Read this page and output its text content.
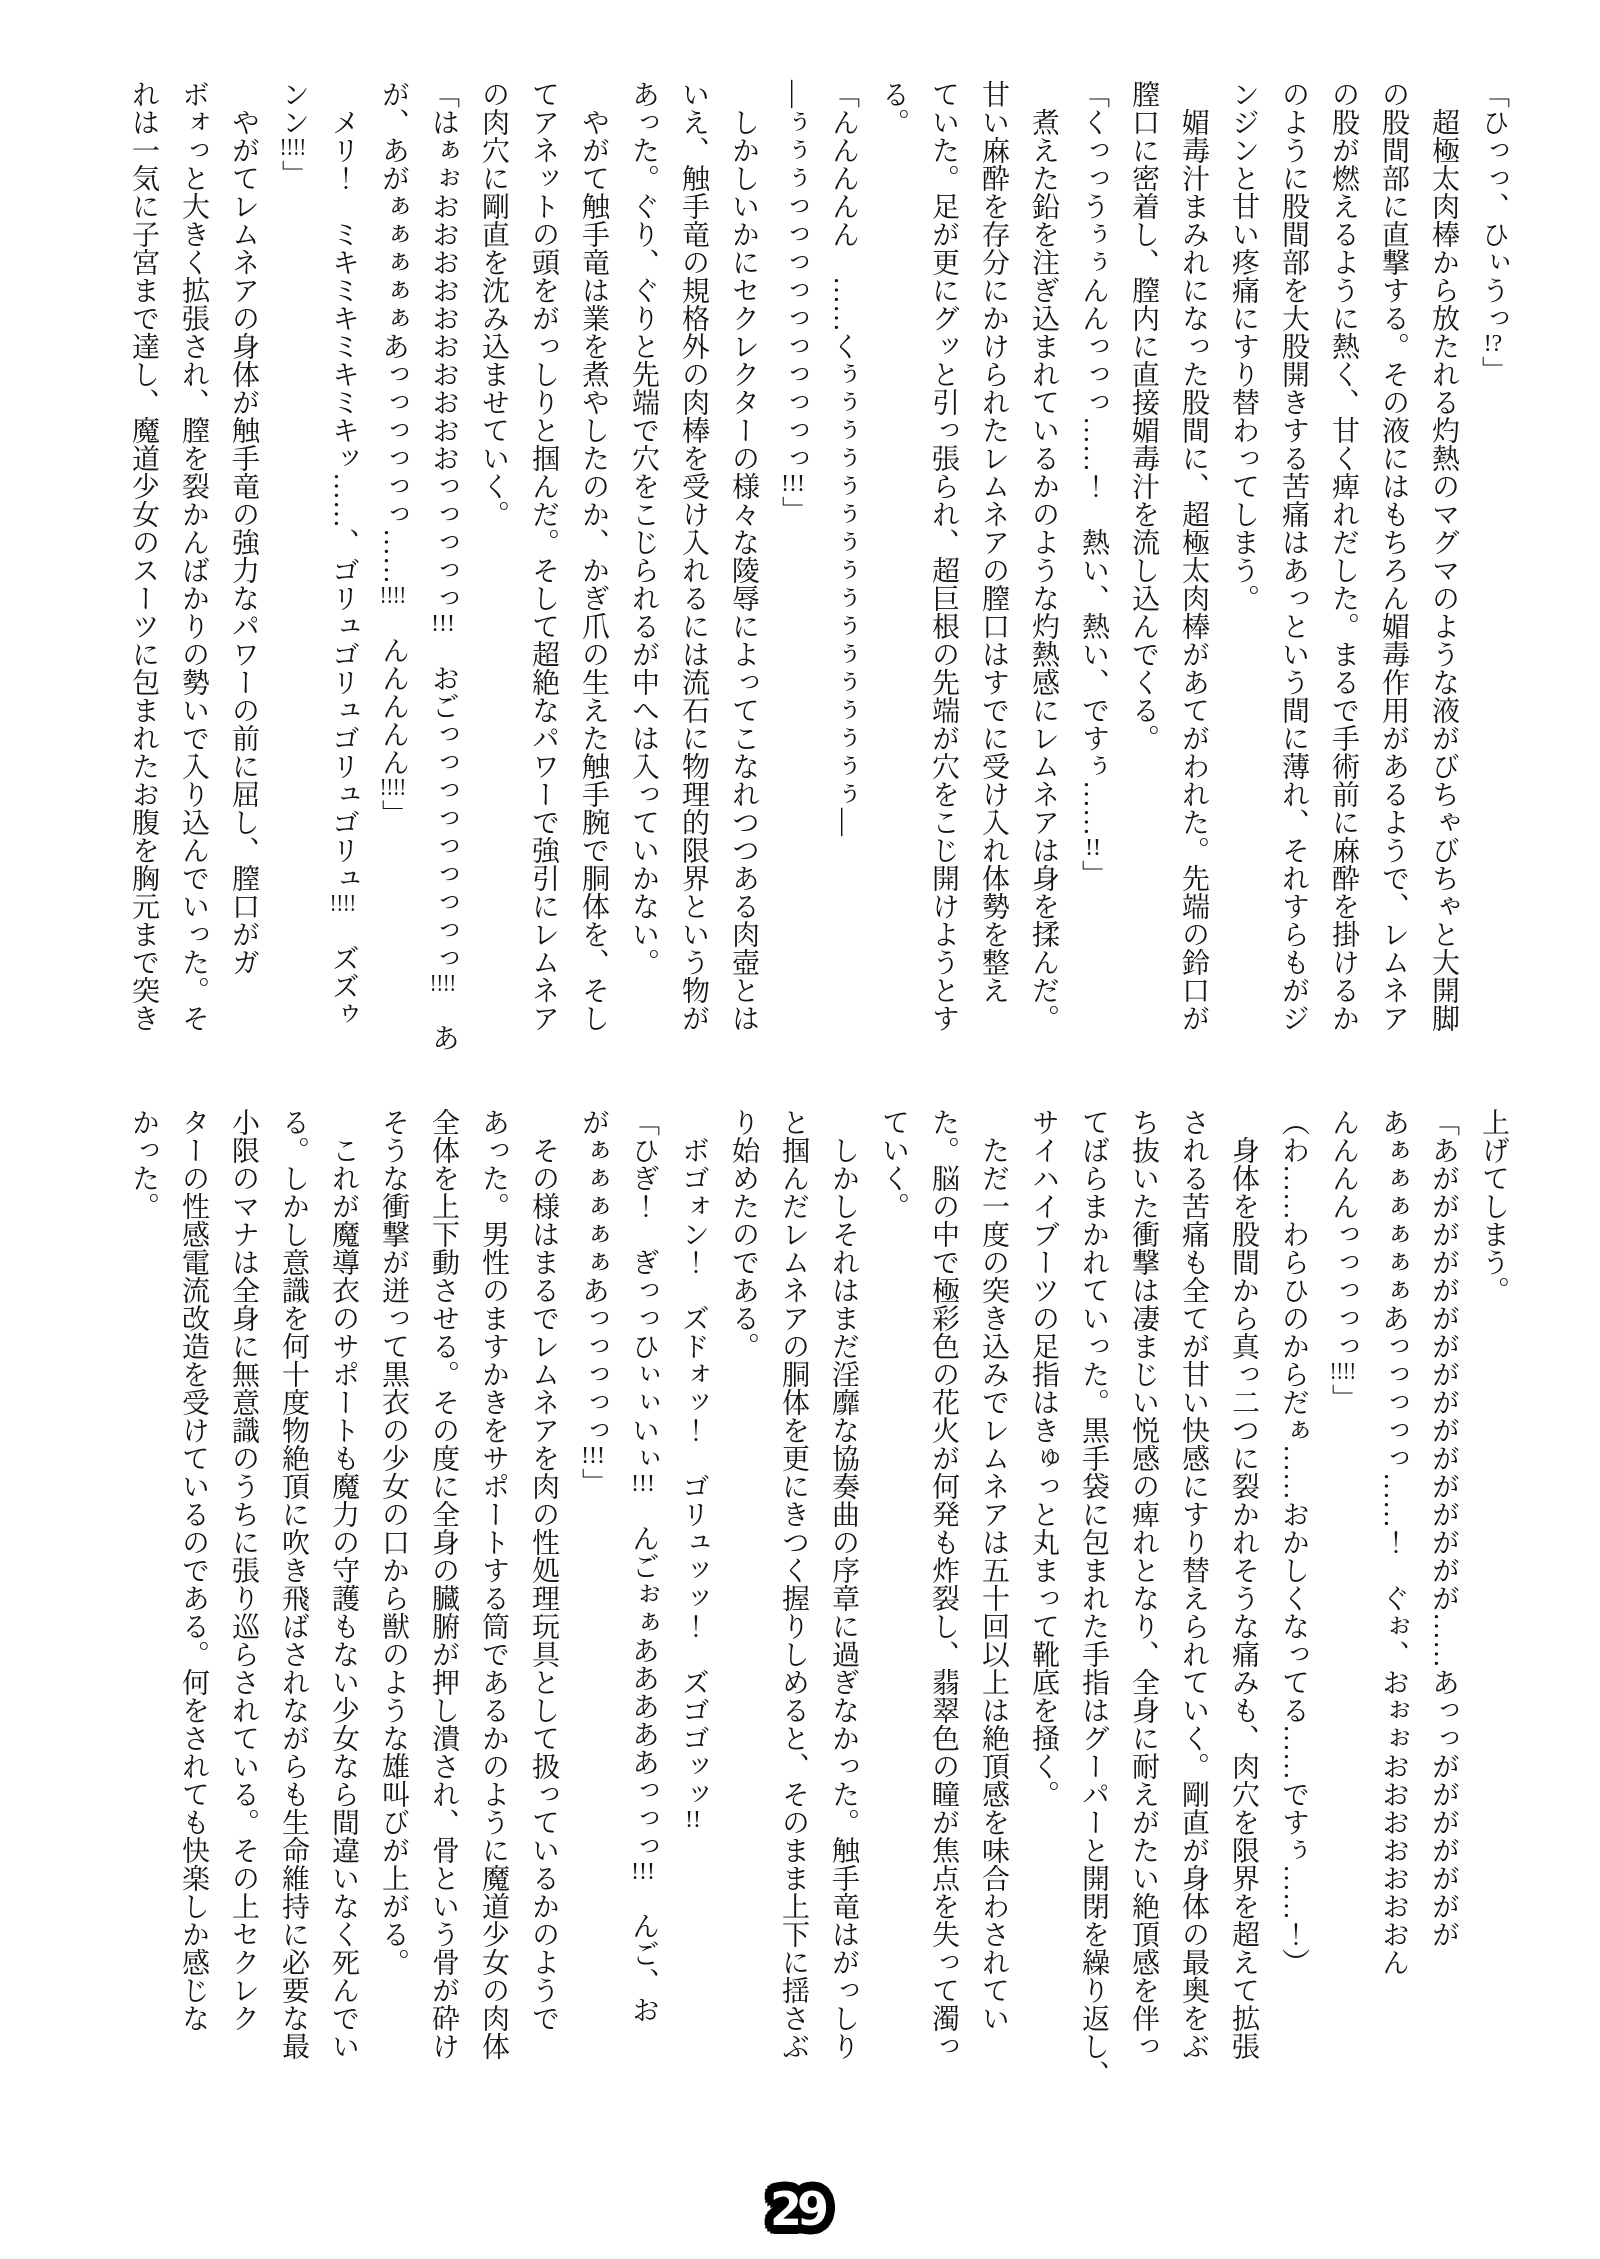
「ひっっ、ひぃうっ!?」
　超極太肉棒から放たれる灼熱のマグマのような液がびちゃびちゃと大開脚
の股間部に直撃する。その液にはもちろん媚毒作用があるようで、レムネア
の股が燃えるように熱く、甘く痺れだした。まるで手術前に麻酔を掛けるか
のように股間部を大股開きする苦痛はあっという間に薄れ、それすらもがジ
ンジンと甘い疼痛にすり替わってしまう。
　媚毒汁まみれになった股間に、超極太肉棒があてがわれた。先端の鈴口が
膣口に密着し、膣内に直接媚毒汁を流し込んでくる。
「くっっうぅぅんんっっっ……！　熱い、熱い、ですぅ……!!」
　煮えた鉛を注ぎ込まれているかのような灼熱感にレムネアは身を揉んだ。
甘い麻酔を存分にかけられたレムネアの膣口はすでに受け入れ体勢を整え
ていた。足が更にグッと引っ張られ、超巨根の先端が穴をこじ開けようとす
る。
「んんんんん　……くぅぅぅぅぅぅぅぅぅぅぅぅぅぅぅぅ―
―ぅぅぅっっっっっっっっっっ!!!」
　しかしいかにセクレクターの様々な陵辱によってこなれつつある肉壺とは
いえ、触手竜の規格外の肉棒を受け入れるには流石に物理的限界という物が
あった。ぐり、ぐりと先端で穴をこじられるが中へは入っていかない。
　やがて触手竜は業を煮やしたのか、かぎ爪の生えた触手腕で胴体を、そし
てアネットの頭をがっしりと掴んだ。そして超絶なパワーで強引にレムネア
の肉穴に剛直を沈み込ませていく。
「はぁぉおおおおおおおおおおっっっっっ!!!　おごっっっっっっっっっ!!!!　あ
が、あがぁぁぁぁぁあっっっっっっ……!!!!　んんんんん!!!!」
　メリ！　ミキミキミキミキッ……、ゴリュゴリュゴリュゴリュ!!!!　ズズゥ
ンン!!!!」
　やがてレムネアの身体が触手竜の強力なパワーの前に屈し、膣口がガ
ボォっと大きく拡張され、膣を裂かんばかりの勢いで入り込んでいった。そ
れは一気に子宮まで達し、魔道少女のスーツに包まれたお腹を胸元まで突き
上げてしまう。
「あがががががががががががががががが……あっっががががががが
あぁぁぁぁぁぁあっっっっっ……！　ぐぉ、おぉぉおおおおおおおん
んんんんっっっっっ!!!!」
（わ……わらひのからだぁ……おかしくなってる……ですぅ……！）
　身体を股間から真っ二つに裂かれそうな痛みも、肉穴を限界を超えて拡張
される苦痛も全てが甘い快感にすり替えられていく。剛直が身体の最奥をぶ
ち抜いた衝撃は凄まじい悦感の痺れとなり、全身に耐えがたい絶頂感を伴っ
てばらまかれていった。黒手袋に包まれた手指はグーパーと開閉を繰り返し、
サイハイブーツの足指はきゅっと丸まって靴底を掻く。
　ただ一度の突き込みでレムネアは五十回以上は絶頂感を味合わされてい
た。脳の中で極彩色の花火が何発も炸裂し、翡翠色の瞳が焦点を失って濁っ
ていく。
　しかしそれはまだ淫靡な協奏曲の序章に過ぎなかった。触手竜はがっしり
と掴んだレムネアの胴体を更にきつく握りしめると、そのまま上下に揺さぶ
り始めたのである。
　ボゴォン！　ズドォッ！　ゴリュッッ！　ズゴゴッッ!!
「ひぎ！　ぎっっひぃぃいぃ!!!　んごぉぁあああああっっっ!!!　んご、お
がぁぁぁぁぁあっっっっっ!!!」
　その様はまるでレムネアを肉の性処理玩具として扱っているかのようで
あった。男性のますかきをサポートする筒であるかのように魔道少女の肉体
全体を上下動させる。その度に全身の臓腑が押し潰され、骨という骨が砕け
そうな衝撃が迸って黒衣の少女の口から獣のような雄叫びが上がる。
　これが魔導衣のサポートも魔力の守護もない少女なら間違いなく死んでい
る。しかし意識を何十度物絶頂に吹き飛ばされながらも生命維持に必要な最
小限のマナは全身に無意識のうちに張り巡らされている。その上セクレク
ターの性感電流改造を受けているのである。何をされても快楽しか感じな
かった。
29
